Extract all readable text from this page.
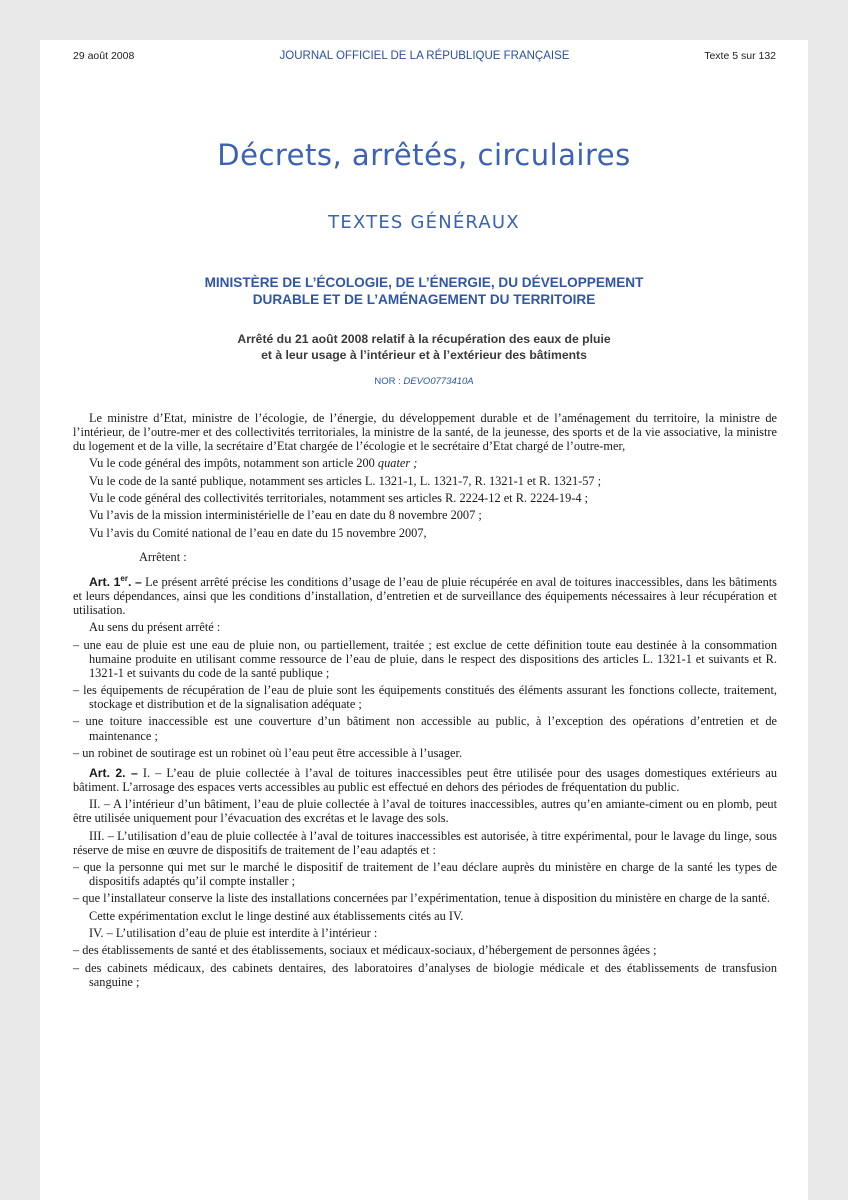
29 août 2008	JOURNAL OFFICIEL DE LA RÉPUBLIQUE FRANÇAISE	Texte 5 sur 132
Décrets, arrêtés, circulaires
TEXTES GÉNÉRAUX
MINISTÈRE DE L’ÉCOLOGIE, DE L’ÉNERGIE, DU DÉVELOPPEMENT
DURABLE ET DE L’AMÉNAGEMENT DU TERRITOIRE
Arrêté du 21 août 2008 relatif à la récupération des eaux de pluie
et à leur usage à l’intérieur et à l’extérieur des bâtiments
NOR : DEVO0773410A

Le ministre d’Etat, ministre de l’écologie, de l’énergie, du développement durable et de l’aménagement du territoire, la ministre de l’intérieur, de l’outre-mer et des collectivités territoriales, la ministre de la santé, de la jeunesse, des sports et de la vie associative, la ministre du logement et de la ville, la secrétaire d’Etat chargée de l’écologie et le secrétaire d’Etat chargé de l’outre-mer,

Vu le code général des impôts, notamment son article 200 quater ;

Vu le code de la santé publique, notamment ses articles L. 1321-1, L. 1321-7, R. 1321-1 et R. 1321-57 ;

Vu le code général des collectivités territoriales, notamment ses articles R. 2224-12 et R. 2224-19-4 ;

Vu l’avis de la mission interministérielle de l’eau en date du 8 novembre 2007 ;

Vu l’avis du Comité national de l’eau en date du 15 novembre 2007,

Arrêtent :

Art. 1er. – Le présent arrêté précise les conditions d’usage de l’eau de pluie récupérée en aval de toitures inaccessibles, dans les bâtiments et leurs dépendances, ainsi que les conditions d’installation, d’entretien et de surveillance des équipements nécessaires à leur récupération et utilisation.

Au sens du présent arrêté :

– une eau de pluie est une eau de pluie non, ou partiellement, traitée ; est exclue de cette définition toute eau destinée à la consommation humaine produite en utilisant comme ressource de l’eau de pluie, dans le respect des dispositions des articles L. 1321-1 et suivants et R. 1321-1 et suivants du code de la santé publique ;

– les équipements de récupération de l’eau de pluie sont les équipements constitués des éléments assurant les fonctions collecte, traitement, stockage et distribution et de la signalisation adéquate ;

– une toiture inaccessible est une couverture d’un bâtiment non accessible au public, à l’exception des opérations d’entretien et de maintenance ;

– un robinet de soutirage est un robinet où l’eau peut être accessible à l’usager.

Art. 2. – I. – L’eau de pluie collectée à l’aval de toitures inaccessibles peut être utilisée pour des usages domestiques extérieurs au bâtiment. L’arrosage des espaces verts accessibles au public est effectué en dehors des périodes de fréquentation du public.

II. – A l’intérieur d’un bâtiment, l’eau de pluie collectée à l’aval de toitures inaccessibles, autres qu’en amiante-ciment ou en plomb, peut être utilisée uniquement pour l’évacuation des excrétas et le lavage des sols.

III. – L’utilisation d’eau de pluie collectée à l’aval de toitures inaccessibles est autorisée, à titre expérimental, pour le lavage du linge, sous réserve de mise en œuvre de dispositifs de traitement de l’eau adaptés et :

– que la personne qui met sur le marché le dispositif de traitement de l’eau déclare auprès du ministère en charge de la santé les types de dispositifs adaptés qu’il compte installer ;

– que l’installateur conserve la liste des installations concernées par l’expérimentation, tenue à disposition du ministère en charge de la santé.

Cette expérimentation exclut le linge destiné aux établissements cités au IV.

IV. – L’utilisation d’eau de pluie est interdite à l’intérieur :

– des établissements de santé et des établissements, sociaux et médicaux-sociaux, d’hébergement de personnes âgées ;

– des cabinets médicaux, des cabinets dentaires, des laboratoires d’analyses de biologie médicale et des établissements de transfusion sanguine ;
